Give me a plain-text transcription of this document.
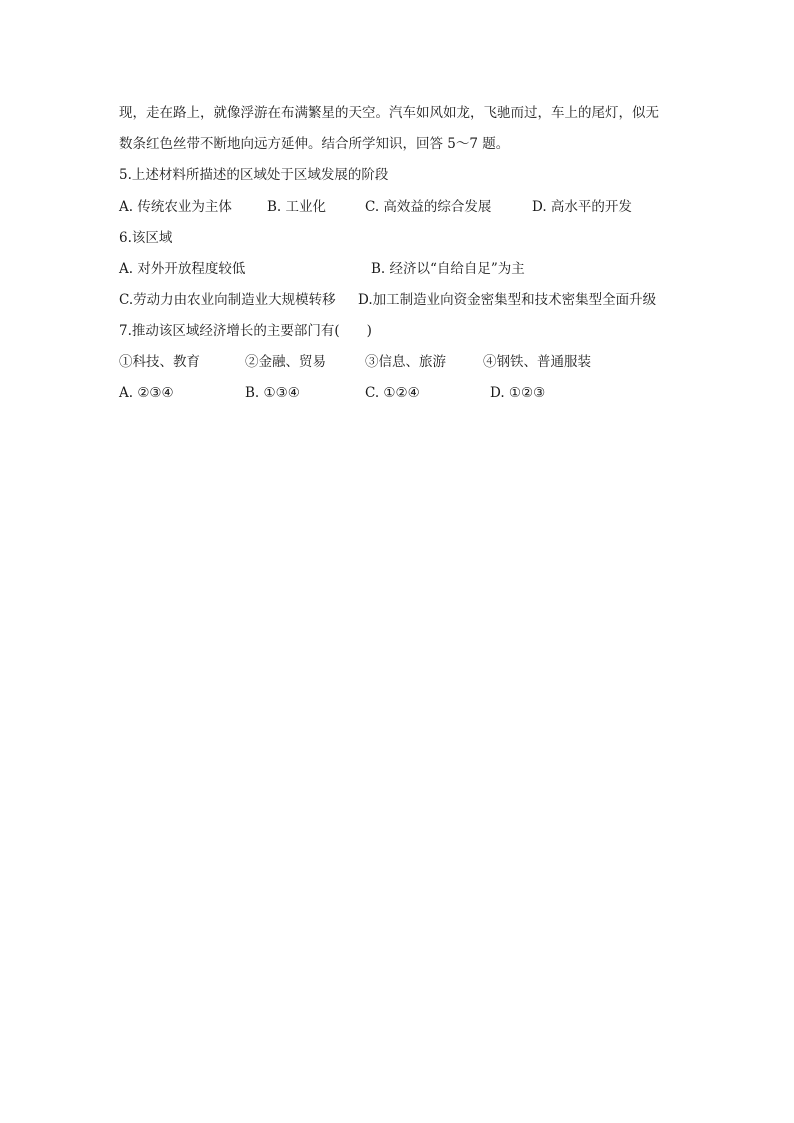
现，走在路上，就像浮游在布满繁星的天空。汽车如风如龙，飞驰而过，车上的尾灯，似无
数条红色丝带不断地向远方延伸。结合所学知识，回答 5～7 题。
5.上述材料所描述的区域处于区域发展的阶段
A. 传统农业为主体	B. 工业化	C. 高效益的综合发展	D. 高水平的开发
6.该区域
A. 对外开放程度较低	B. 经济以“自给自足”为主
C.劳动力由农业向制造业大规模转移 D.加工制造业向资金密集型和技术密集型全面升级
7.推动该区域经济增长的主要部门有(　　)
①科技、教育	②金融、贸易	③信息、旅游	④钢铁、普通服装
A. ②③④	B. ①③④	C. ①②④	D. ①②③
